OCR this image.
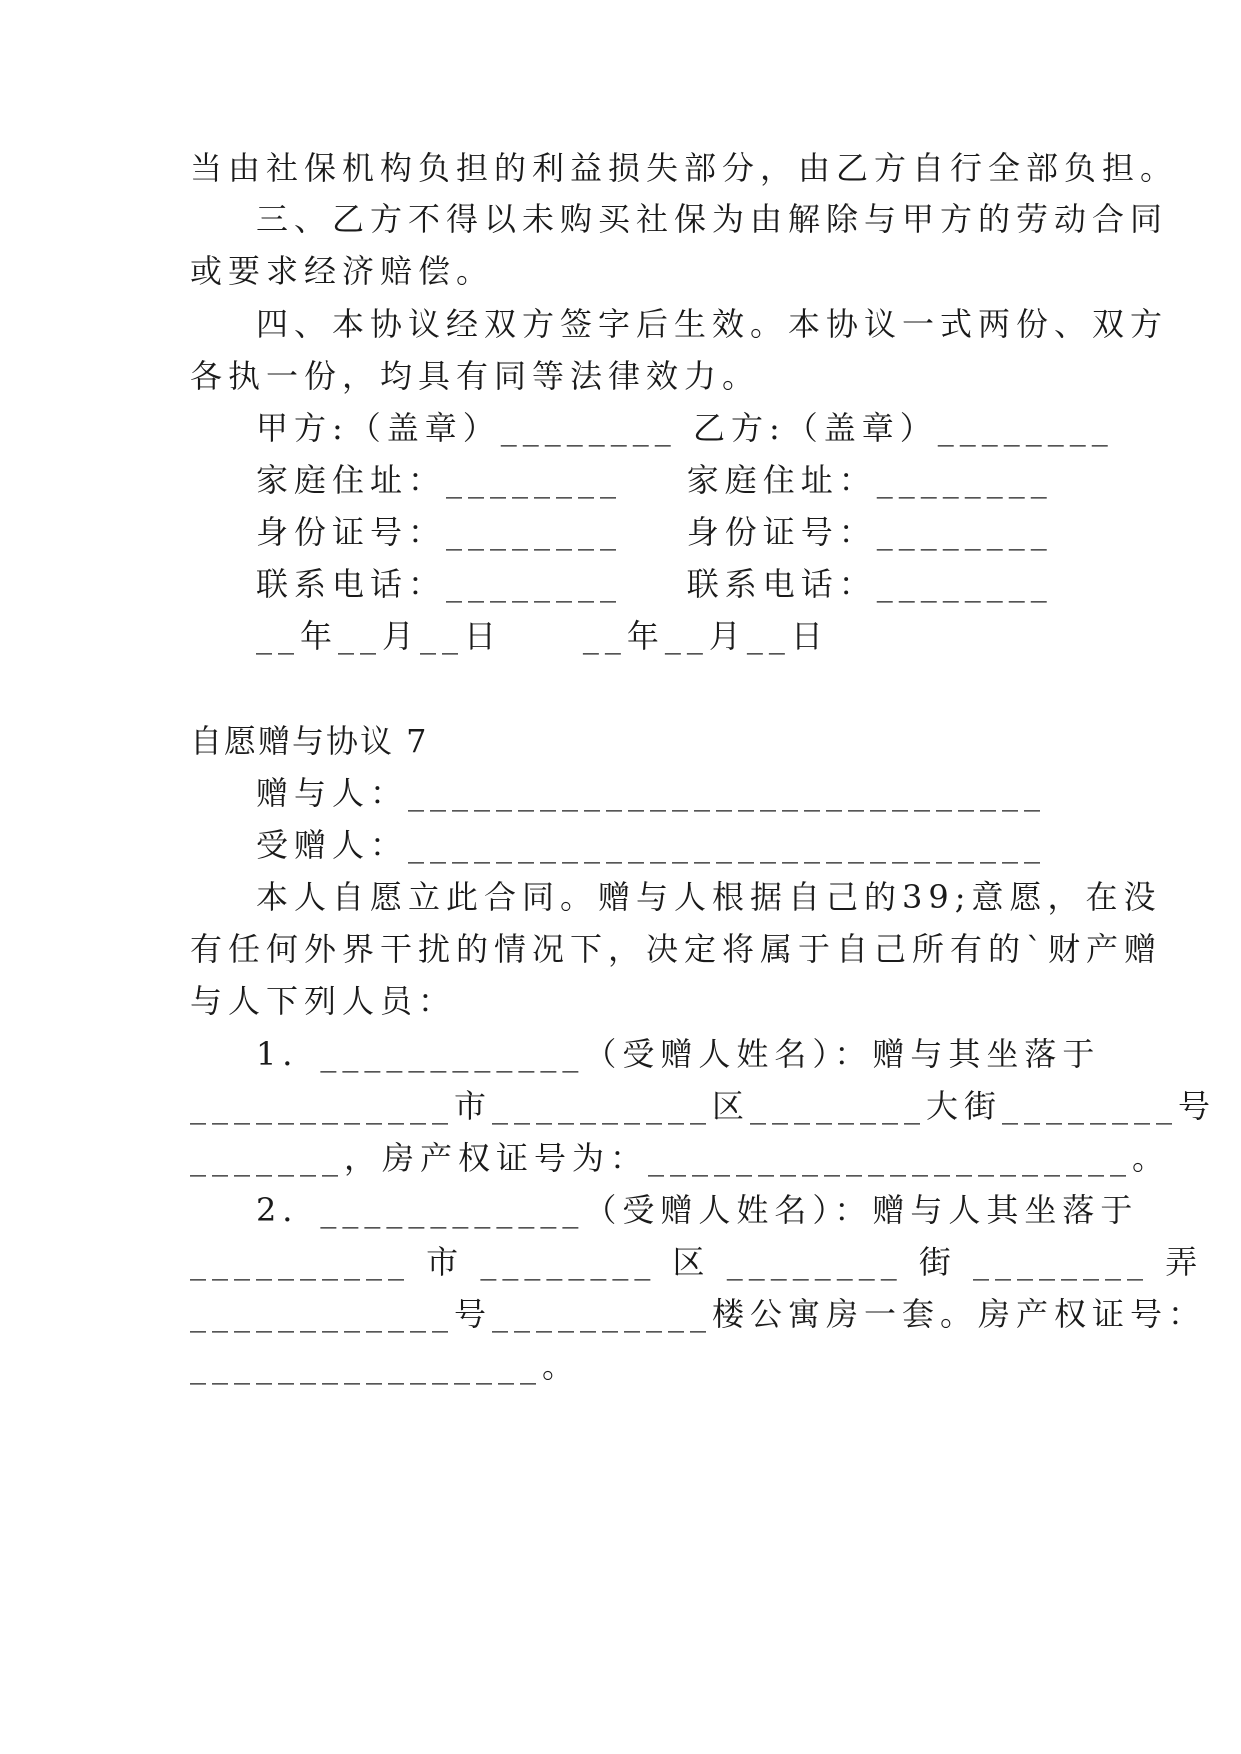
当由社保机构负担的利益损失部分，由乙方自行全部负担。
三、乙方不得以未购买社保为由解除与甲方的劳动合同
或要求经济赔偿。
四、本协议经双方签字后生效。本协议一式两份、双方
各执一份，均具有同等法律效力。
甲方:（盖章）________ 乙方:（盖章）________
家庭住址：________    家庭住址：________
身份证号：________    身份证号：________
联系电话：________    联系电话：________
__年__月__日     __年__月__日
自愿赠与协议 7
赠与人：_____________________________
受赠人：_____________________________
本人自愿立此合同。赠与人根据自己的39;意愿，在没
有任何外界干扰的情况下，决定将属于自己所有的`财产赠
与人下列人员：
1．____________（受赠人姓名）：赠与其坐落于
____________市__________区________大街________号
_______，房产权证号为：______________________。
2．____________（受赠人姓名）：赠与人其坐落于
__________ 市 ________ 区 ________ 街 ________ 弄
____________号__________楼公寓房一套。房产权证号：
________________。
